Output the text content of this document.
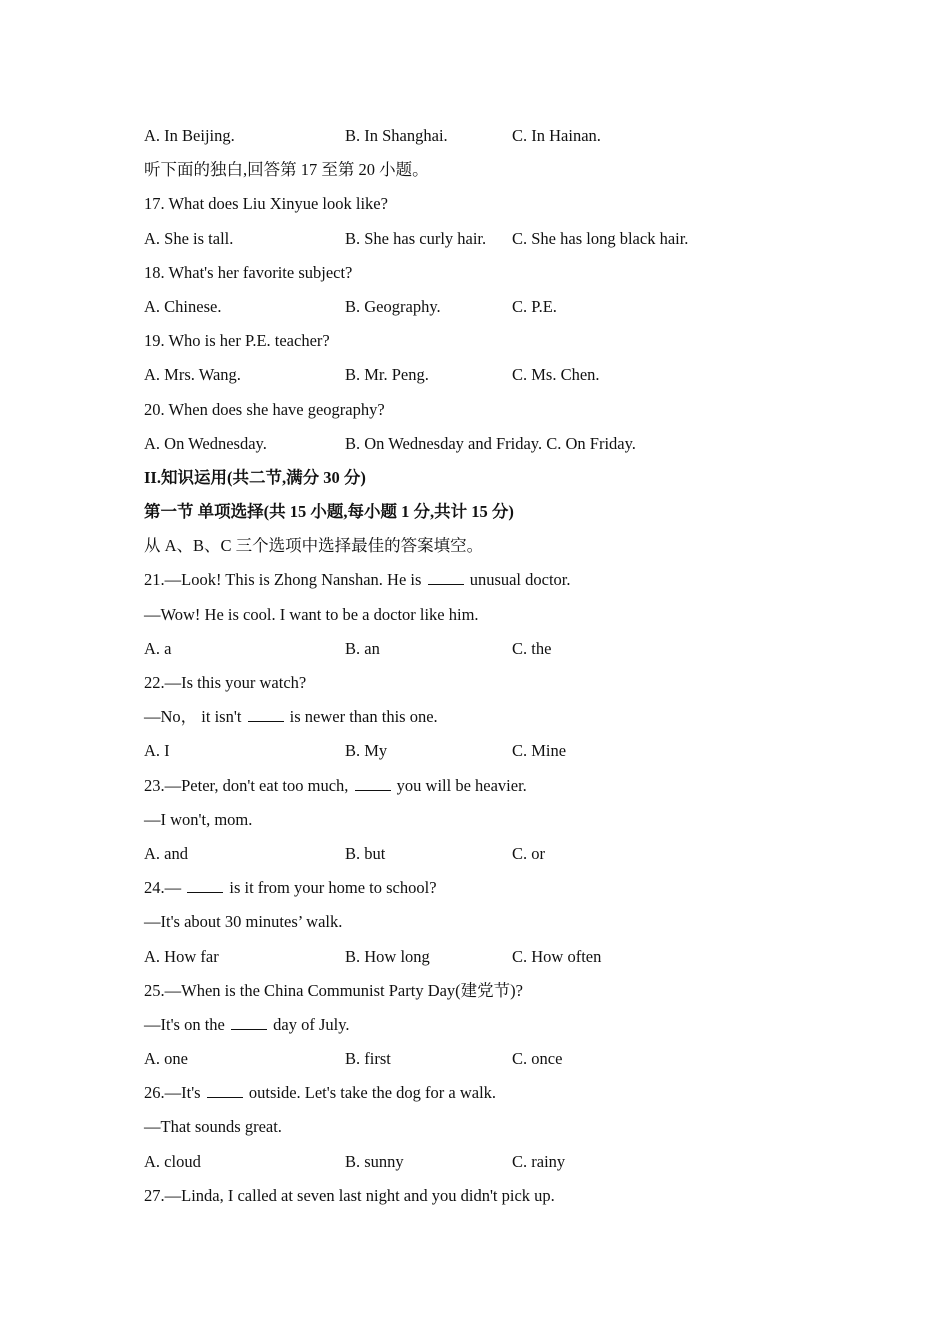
A. In Beijing.	B. In Shanghai.	C. In Hainan.
听下面的独白,回答第 17 至第 20 小题。
17. What does Liu Xinyue look like?
A. She is tall.	B. She has curly hair. C. She has long black hair.
18. What's her favorite subject?
A. Chinese.	B. Geography.	C. P.E.
19. Who is her P.E. teacher?
A. Mrs. Wang.	B. Mr. Peng.	C. Ms. Chen.
20. When does she have geography?
A. On Wednesday.	B. On Wednesday and Friday. C. On Friday.
II.知识运用(共二节,满分 30 分)
第一节 单项选择(共 15 小题,每小题 1 分,共计 15 分)
从 A、B、C 三个选项中选择最佳的答案填空。
21.—Look! This is Zhong Nanshan. He is  unusual doctor.
—Wow! He is cool. I want to be a doctor like him.
A. a	B. an	C. the
22.—Is this your watch?
—No， it isn't  is newer than this one.
A. I	B. My	C. Mine
23.—Peter, don't eat too much,  you will be heavier.
—I won't, mom.
A. and	B. but	C. or
24.—  is it from your home to school?
—It's about 30 minutes’ walk.
A. How far	B. How long	C. How often
25.—When is the China Communist Party Day(建党节)?
—It's on the  day of July.
A. one	B. first	C. once
26.—It's  outside. Let's take the dog for a walk.
—That sounds great.
A. cloud	B. sunny	C. rainy
27.—Linda, I called at seven last night and you didn't pick up.
